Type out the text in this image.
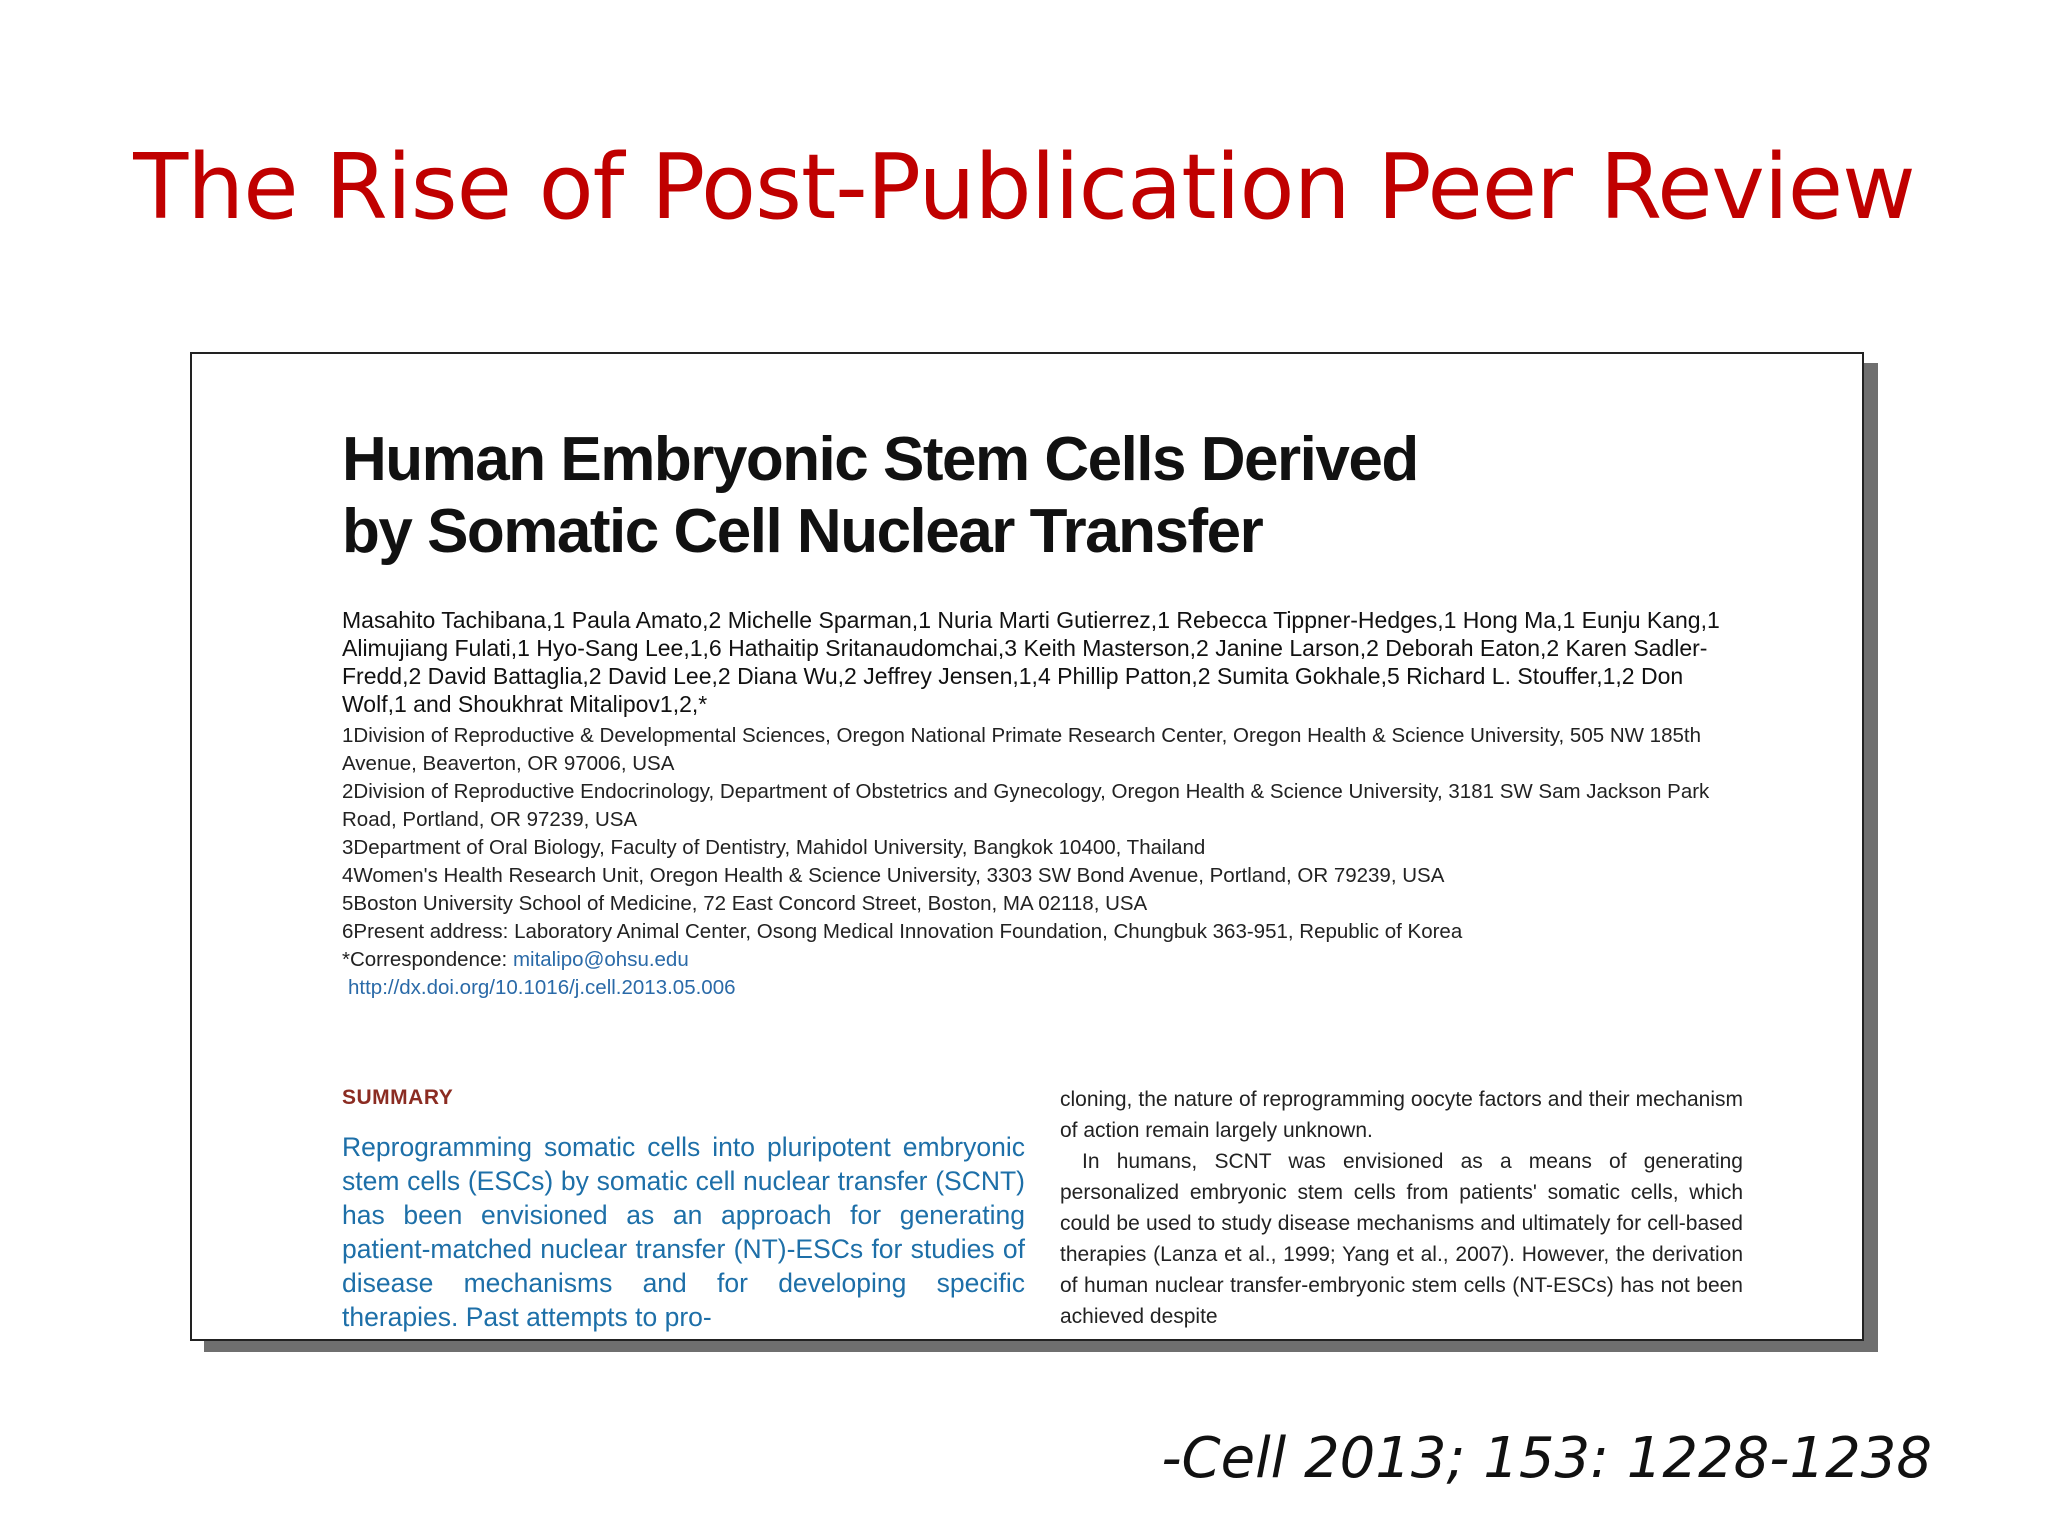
The Rise of Post-Publication Peer Review
Human Embryonic Stem Cells Derived
by Somatic Cell Nuclear Transfer

Masahito Tachibana,1 Paula Amato,2 Michelle Sparman,1 Nuria Marti Gutierrez,1 Rebecca Tippner-Hedges,1 Hong Ma,1 Eunju Kang,1 Alimujiang Fulati,1 Hyo-Sang Lee,1,6 Hathaitip Sritanaudomchai,3 Keith Masterson,2 Janine Larson,2 Deborah Eaton,2 Karen Sadler-Fredd,2 David Battaglia,2 David Lee,2 Diana Wu,2 Jeffrey Jensen,1,4 Phillip Patton,2 Sumita Gokhale,5 Richard L. Stouffer,1,2 Don Wolf,1 and Shoukhrat Mitalipov1,2,*

1Division of Reproductive & Developmental Sciences, Oregon National Primate Research Center, Oregon Health & Science University, 505 NW 185th Avenue, Beaverton, OR 97006, USA

2Division of Reproductive Endocrinology, Department of Obstetrics and Gynecology, Oregon Health & Science University, 3181 SW Sam Jackson Park Road, Portland, OR 97239, USA

3Department of Oral Biology, Faculty of Dentistry, Mahidol University, Bangkok 10400, Thailand

4Women's Health Research Unit, Oregon Health & Science University, 3303 SW Bond Avenue, Portland, OR 79239, USA

5Boston University School of Medicine, 72 East Concord Street, Boston, MA 02118, USA

6Present address: Laboratory Animal Center, Osong Medical Innovation Foundation, Chungbuk 363-951, Republic of Korea

*Correspondence: mitalipo@ohsu.edu

http://dx.doi.org/10.1016/j.cell.2013.05.006

SUMMARY

Reprogramming somatic cells into pluripotent embryonic stem cells (ESCs) by somatic cell nuclear transfer (SCNT) has been envisioned as an approach for generating patient-matched nuclear transfer (NT)-ESCs for studies of disease mechanisms and for developing specific therapies. Past attempts to pro-

cloning, the nature of reprogramming oocyte factors and their mechanism of action remain largely unknown.

In humans, SCNT was envisioned as a means of generating personalized embryonic stem cells from patients' somatic cells, which could be used to study disease mechanisms and ultimately for cell-based therapies (Lanza et al., 1999; Yang et al., 2007). However, the derivation of human nuclear transfer-embryonic stem cells (NT-ESCs) has not been achieved despite

-Cell 2013; 153: 1228-1238
